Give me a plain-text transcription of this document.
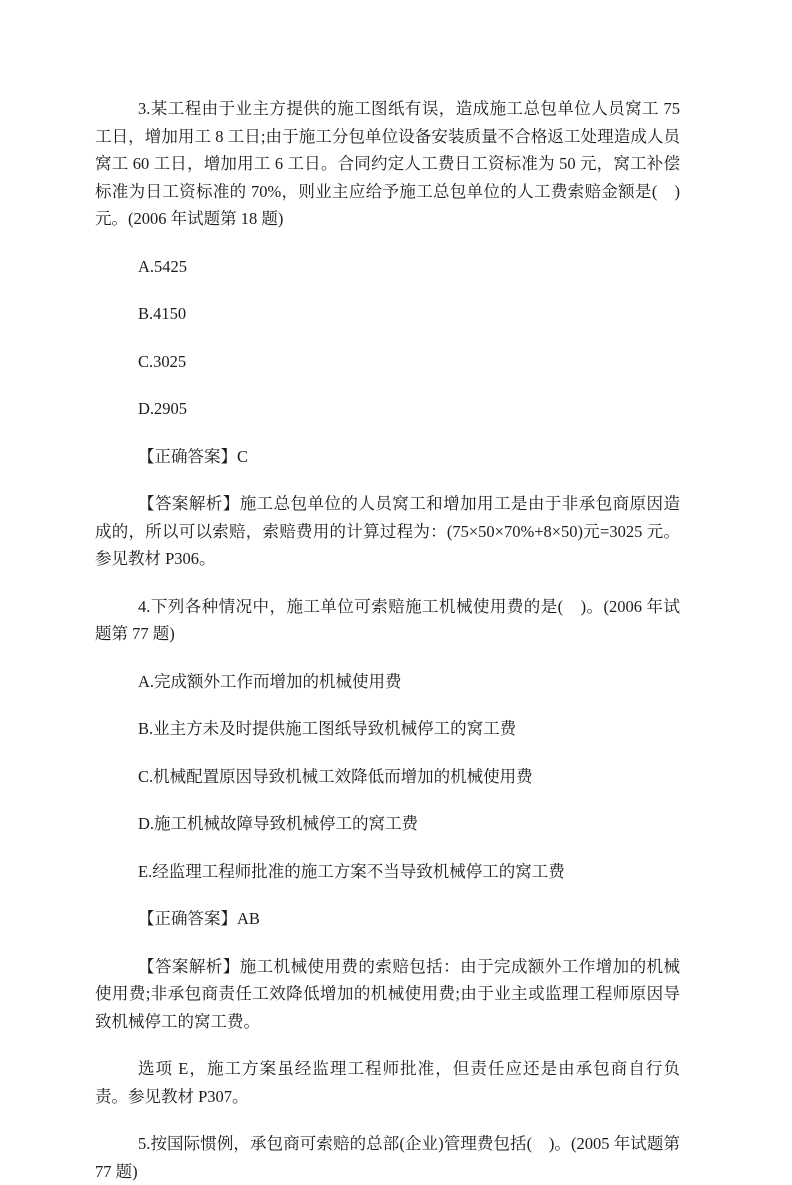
3.某工程由于业主方提供的施工图纸有误，造成施工总包单位人员窝工 75 工日，增加用工 8 工日;由于施工分包单位设备安装质量不合格返工处理造成人员窝工 60 工日，增加用工 6 工日。合同约定人工费日工资标准为 50 元，窝工补偿标准为日工资标准的 70%，则业主应给予施工总包单位的人工费索赔金额是(　)元。(2006 年试题第 18 题)

A.5425

B.4150

C.3025

D.2905

【正确答案】C

【答案解析】施工总包单位的人员窝工和增加用工是由于非承包商原因造成的，所以可以索赔，索赔费用的计算过程为：(75×50×70%+8×50)元=3025 元。参见教材 P306。

4.下列各种情况中，施工单位可索赔施工机械使用费的是(　)。(2006 年试题第 77 题)

A.完成额外工作而增加的机械使用费

B.业主方未及时提供施工图纸导致机械停工的窝工费

C.机械配置原因导致机械工效降低而增加的机械使用费

D.施工机械故障导致机械停工的窝工费

E.经监理工程师批准的施工方案不当导致机械停工的窝工费

【正确答案】AB

【答案解析】施工机械使用费的索赔包括：由于完成额外工作增加的机械使用费;非承包商责任工效降低增加的机械使用费;由于业主或监理工程师原因导致机械停工的窝工费。

选项 E，施工方案虽经监理工程师批准，但责任应还是由承包商自行负责。参见教材 P307。

5.按国际惯例，承包商可索赔的总部(企业)管理费包括(　)。(2005 年试题第 77 题)
